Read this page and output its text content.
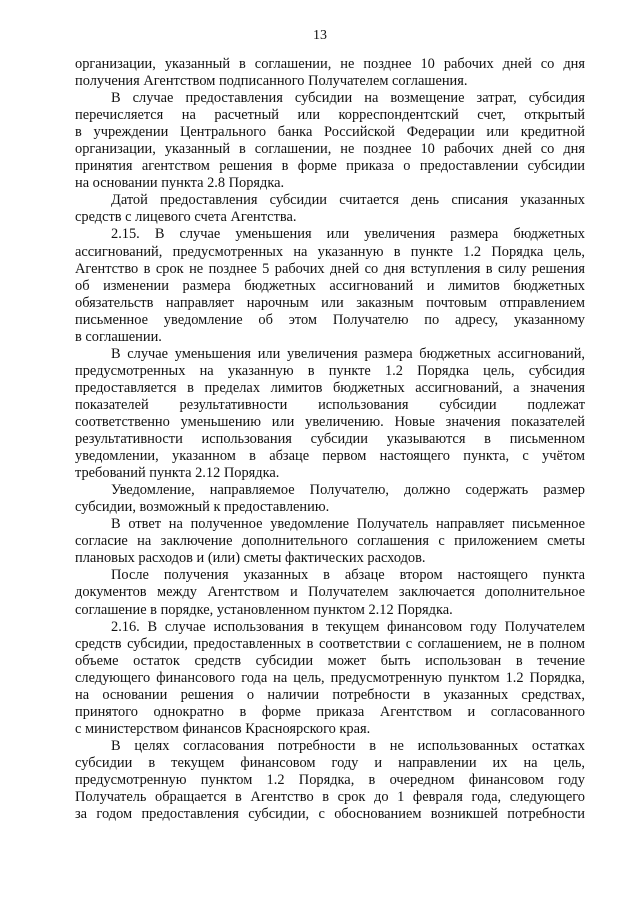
13
организации, указанный в соглашении, не позднее 10 рабочих дней со дня
получения Агентством подписанного Получателем соглашения.
В случае предоставления субсидии на возмещение затрат, субсидия
перечисляется на расчетный или корреспондентский счет, открытый
в учреждении Центрального банка Российской Федерации или кредитной
организации, указанный в соглашении, не позднее 10 рабочих дней со дня
принятия агентством решения в форме приказа о предоставлении субсидии
на основании пункта 2.8 Порядка.
Датой предоставления субсидии считается день списания указанных
средств с лицевого счета Агентства.
2.15. В случае уменьшения или увеличения размера бюджетных
ассигнований, предусмотренных на указанную в пункте 1.2 Порядка цель,
Агентство в срок не позднее 5 рабочих дней со дня вступления в силу решения
об изменении размера бюджетных ассигнований и лимитов бюджетных
обязательств направляет нарочным или заказным почтовым отправлением
письменное уведомление об этом Получателю по адресу, указанному
в соглашении.
В случае уменьшения или увеличения размера бюджетных ассигнований,
предусмотренных на указанную в пункте 1.2 Порядка цель, субсидия
предоставляется в пределах лимитов бюджетных ассигнований, а значения
показателей результативности использования субсидии подлежат
соответственно уменьшению или увеличению. Новые значения показателей
результативности использования субсидии указываются в письменном
уведомлении, указанном в абзаце первом настоящего пункта, с учётом
требований пункта 2.12 Порядка.
Уведомление, направляемое Получателю, должно содержать размер
субсидии, возможный к предоставлению.
В ответ на полученное уведомление Получатель направляет письменное
согласие на заключение дополнительного соглашения с приложением сметы
плановых расходов и (или) сметы фактических расходов.
После получения указанных в абзаце втором настоящего пункта
документов между Агентством и Получателем заключается дополнительное
соглашение в порядке, установленном пунктом 2.12 Порядка.
2.16. В случае использования в текущем финансовом году Получателем
средств субсидии, предоставленных в соответствии с соглашением, не в полном
объеме остаток средств субсидии может быть использован в течение
следующего финансового года на цель, предусмотренную пунктом 1.2 Порядка,
на основании решения о наличии потребности в указанных средствах,
принятого однократно в форме приказа Агентством и согласованного
с министерством финансов Красноярского края.
В целях согласования потребности в не использованных остатках
субсидии в текущем финансовом году и направлении их на цель,
предусмотренную пунктом 1.2 Порядка, в очередном финансовом году
Получатель обращается в Агентство в срок до 1 февраля года, следующего
за годом предоставления субсидии, с обоснованием возникшей потребности
